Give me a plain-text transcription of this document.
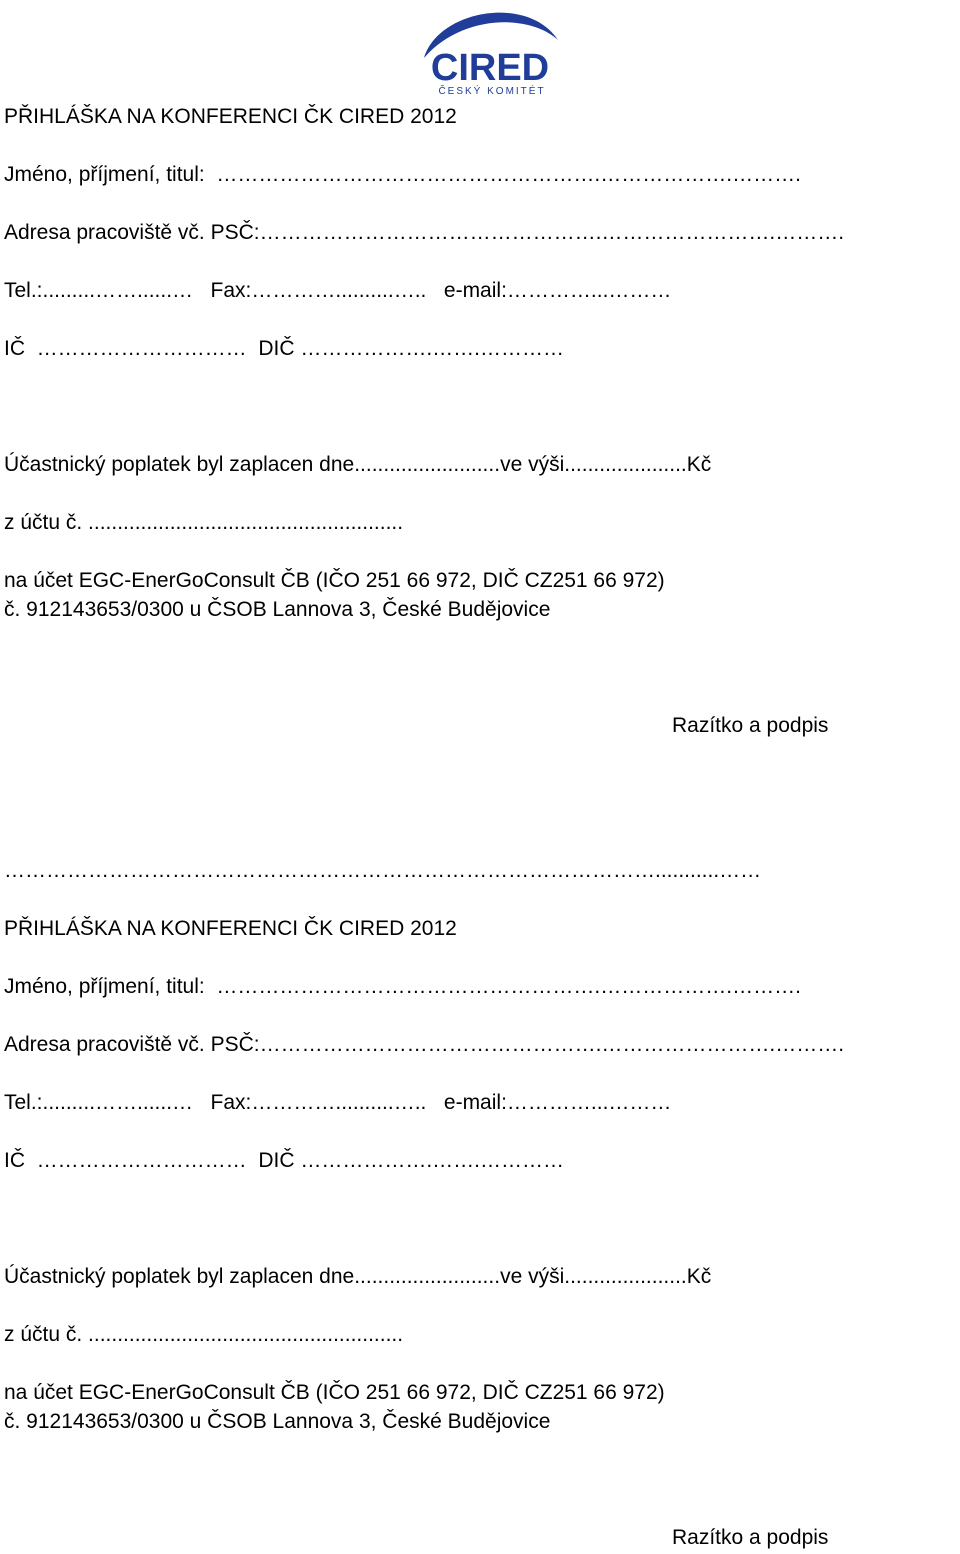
CIRED
ČESKÝ KOMITÉT
PŘIHLÁŠKA NA KONFERENCI ČK CIRED 2012
Jméno, příjmení, titul:  ……………………………………………….……………….……….
Adresa pracoviště vč. PSČ:………………………………………….…………………….……….
Tel.:.........……......…   Fax:…………..........…..   e-mail:…………...………
IČ  …………………………  DIČ ……………….…….…………
Účastnický poplatek byl zaplacen dne.........................ve výši.....................Kč
z účtu č. ......................................................
na účet EGC-EnerGoConsult ČB (IČO 251 66 972, DIČ CZ251 66 972)
č. 912143653/0300 u ČSOB Lannova 3, České Budějovice
Razítko a podpis
…………………………………………………………………………………...........……
PŘIHLÁŠKA NA KONFERENCI ČK CIRED 2012
Jméno, příjmení, titul:  ……………………………………………….……………….……….
Adresa pracoviště vč. PSČ:………………………………………….…………………….……….
Tel.:.........……......…   Fax:…………..........…..   e-mail:…………...………
IČ  …………………………  DIČ ……………….…….…………
Účastnický poplatek byl zaplacen dne.........................ve výši.....................Kč
z účtu č. ......................................................
na účet EGC-EnerGoConsult ČB (IČO 251 66 972, DIČ CZ251 66 972)
č. 912143653/0300 u ČSOB Lannova 3, České Budějovice
Razítko a podpis
